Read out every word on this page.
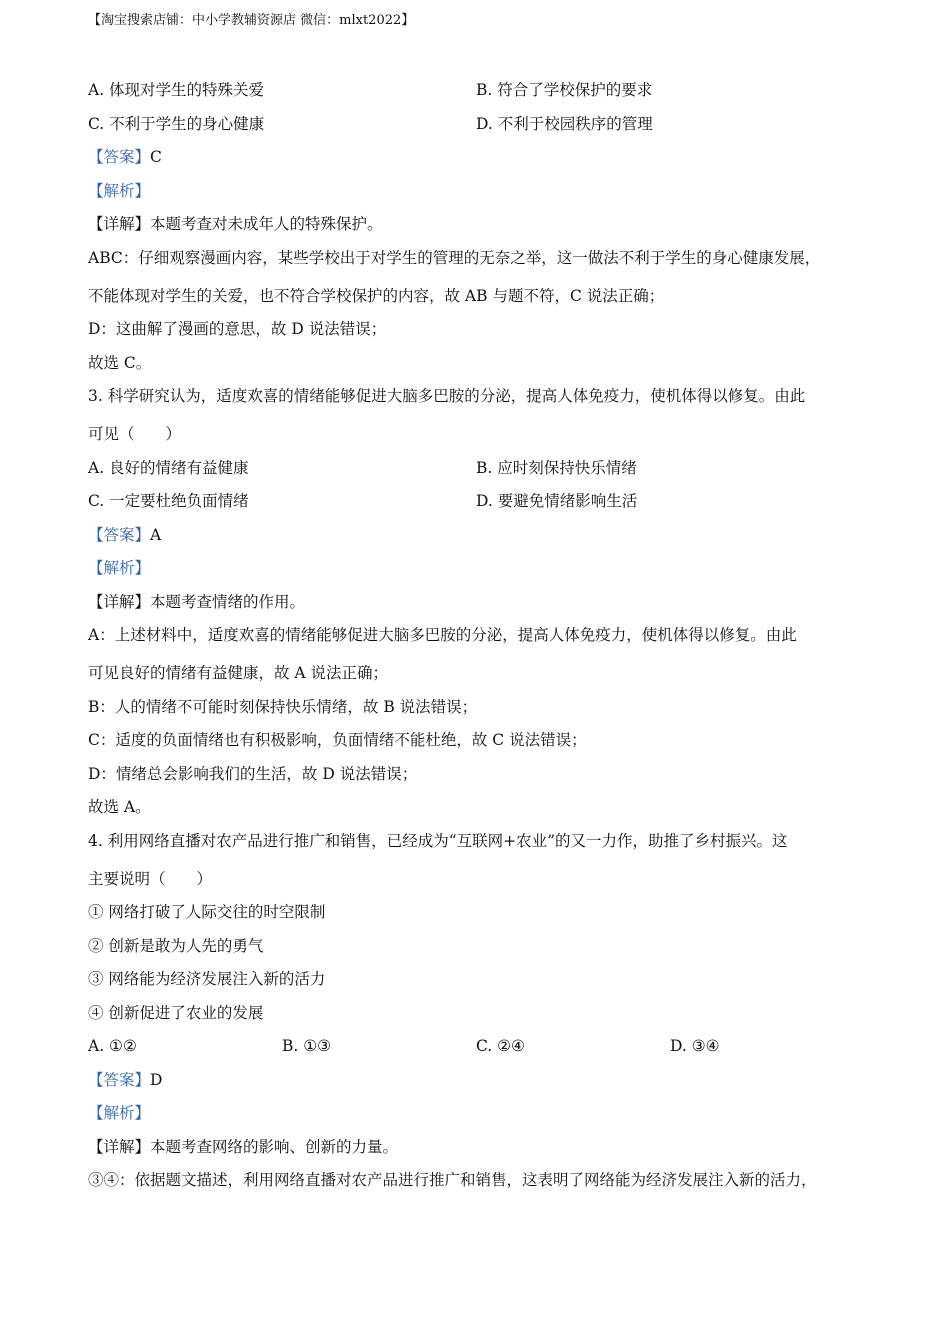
【淘宝搜索店铺：中小学教辅资源店 微信：mlxt2022】
A. 体现对学生的特殊关爱	B. 符合了学校保护的要求
C. 不利于学生的身心健康	D. 不利于校园秩序的管理
【答案】C
【解析】
【详解】本题考查对未成年人的特殊保护。
ABC：仔细观察漫画内容，某些学校出于对学生的管理的无奈之举，这一做法不利于学生的身心健康发展，
不能体现对学生的关爱，也不符合学校保护的内容，故 AB 与题不符，C 说法正确；
D：这曲解了漫画的意思，故 D 说法错误；
故选 C。
3. 科学研究认为，适度欢喜的情绪能够促进大脑多巴胺的分泌，提高人体免疫力，使机体得以修复。由此
可见（　　）
A. 良好的情绪有益健康	B. 应时刻保持快乐情绪
C. 一定要杜绝负面情绪	D. 要避免情绪影响生活
【答案】A
【解析】
【详解】本题考查情绪的作用。
A：上述材料中，适度欢喜的情绪能够促进大脑多巴胺的分泌，提高人体免疫力，使机体得以修复。由此
可见良好的情绪有益健康，故 A 说法正确；
B：人的情绪不可能时刻保持快乐情绪，故 B 说法错误；
C：适度的负面情绪也有积极影响，负面情绪不能杜绝，故 C 说法错误；
D：情绪总会影响我们的生活，故 D 说法错误；
故选 A。
4. 利用网络直播对农产品进行推广和销售，已经成为“互联网+农业”的又一力作，助推了乡村振兴。这
主要说明（　　）
① 网络打破了人际交往的时空限制
② 创新是敢为人先的勇气
③ 网络能为经济发展注入新的活力
④ 创新促进了农业的发展
A. ①②	B. ①③	C. ②④	D. ③④
【答案】D
【解析】
【详解】本题考查网络的影响、创新的力量。
③④：依据题文描述，利用网络直播对农产品进行推广和销售，这表明了网络能为经济发展注入新的活力，
